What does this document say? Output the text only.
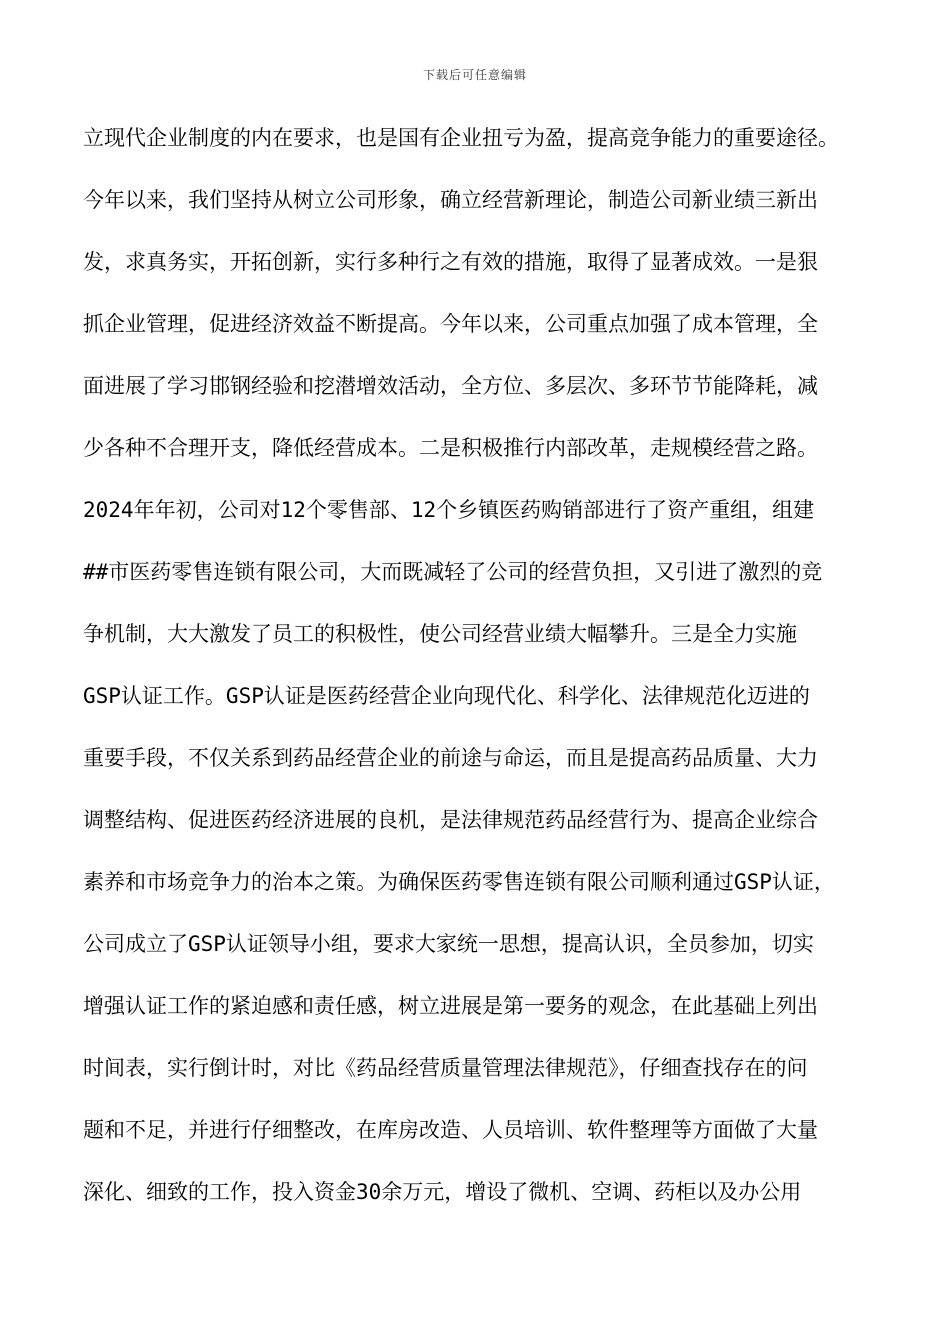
下载后可任意编辑
立现代企业制度的内在要求，也是国有企业扭亏为盈，提高竞争能力的重要途径。
今年以来，我们坚持从树立公司形象，确立经营新理论，制造公司新业绩三新出
发，求真务实，开拓创新，实行多种行之有效的措施，取得了显著成效。一是狠
抓企业管理，促进经济效益不断提高。今年以来，公司重点加强了成本管理，全
面进展了学习邯钢经验和挖潜增效活动，全方位、多层次、多环节节能降耗，减
少各种不合理开支，降低经营成本。二是积极推行内部改革，走规模经营之路。
2024年年初，公司对12个零售部、12个乡镇医药购销部进行了资产重组，组建
##市医药零售连锁有限公司，大而既减轻了公司的经营负担，又引进了激烈的竞
争机制，大大激发了员工的积极性，使公司经营业绩大幅攀升。三是全力实施
GSP认证工作。GSP认证是医药经营企业向现代化、科学化、法律规范化迈进的
重要手段，不仅关系到药品经营企业的前途与命运，而且是提高药品质量、大力
调整结构、促进医药经济进展的良机，是法律规范药品经营行为、提高企业综合
素养和市场竞争力的治本之策。为确保医药零售连锁有限公司顺利通过GSP认证，
公司成立了GSP认证领导小组，要求大家统一思想，提高认识，全员参加，切实
增强认证工作的紧迫感和责任感，树立进展是第一要务的观念，在此基础上列出
时间表，实行倒计时，对比《药品经营质量管理法律规范》，仔细查找存在的问
题和不足，并进行仔细整改，在库房改造、人员培训、软件整理等方面做了大量
深化、细致的工作，投入资金30余万元，增设了微机、空调、药柜以及办公用
